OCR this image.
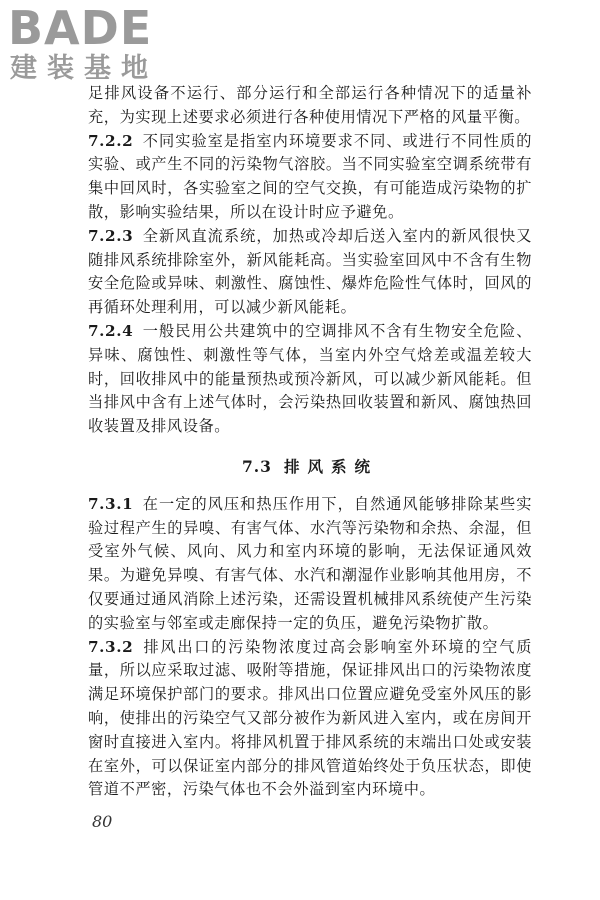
BADE
建装基地

足排风设备不运行、部分运行和全部运行各种情况下的适量补充，为实现上述要求必须进行各种使用情况下严格的风量平衡。

7.2.2 不同实验室是指室内环境要求不同、或进行不同性质的实验、或产生不同的污染物气溶胶。当不同实验室空调系统带有集中回风时，各实验室之间的空气交换，有可能造成污染物的扩散，影响实验结果，所以在设计时应予避免。

7.2.3 全新风直流系统，加热或冷却后送入室内的新风很快又随排风系统排除室外，新风能耗高。当实验室回风中不含有生物安全危险或异味、刺激性、腐蚀性、爆炸危险性气体时，回风的再循环处理利用，可以减少新风能耗。

7.2.4 一般民用公共建筑中的空调排风不含有生物安全危险、异味、腐蚀性、刺激性等气体，当室内外空气焓差或温差较大时，回收排风中的能量预热或预冷新风，可以减少新风能耗。但当排风中含有上述气体时，会污染热回收装置和新风、腐蚀热回收装置及排风设备。

7.3 排风系统

7.3.1 在一定的风压和热压作用下，自然通风能够排除某些实验过程产生的异嗅、有害气体、水汽等污染物和余热、余湿，但受室外气候、风向、风力和室内环境的影响，无法保证通风效果。为避免异嗅、有害气体、水汽和潮湿作业影响其他用房，不仅要通过通风消除上述污染，还需设置机械排风系统使产生污染的实验室与邻室或走廊保持一定的负压，避免污染物扩散。

7.3.2 排风出口的污染物浓度过高会影响室外环境的空气质量，所以应采取过滤、吸附等措施，保证排风出口的污染物浓度满足环境保护部门的要求。排风出口位置应避免受室外风压的影响，使排出的污染空气又部分被作为新风进入室内，或在房间开窗时直接进入室内。将排风机置于排风系统的末端出口处或安装在室外，可以保证室内部分的排风管道始终处于负压状态，即使管道不严密，污染气体也不会外溢到室内环境中。

80
